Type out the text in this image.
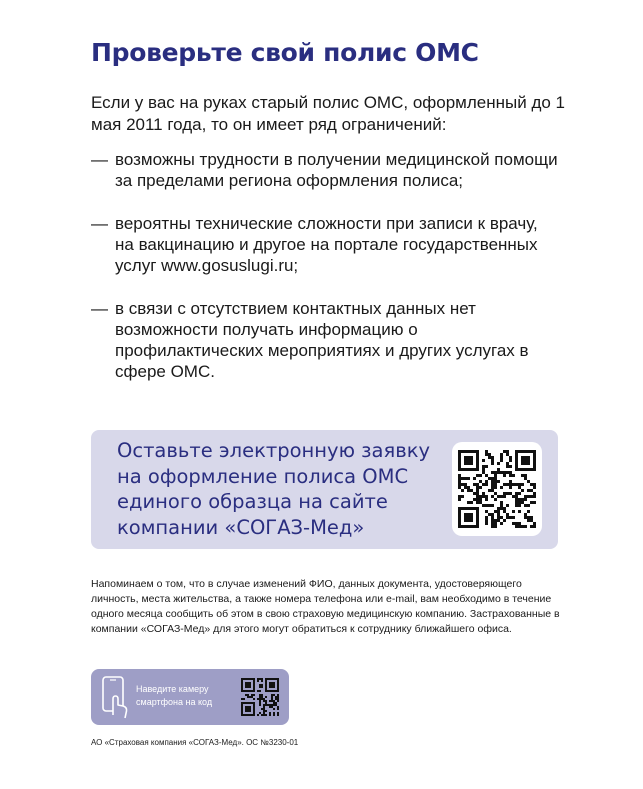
Проверьте свой полис ОМС
Если у вас на руках старый полис ОМС, оформленный до 1 мая 2011 года, то он имеет ряд ограничений:
— возможны трудности в получении медицинской помощи за пределами региона оформления полиса;
— вероятны технические сложности при записи к врачу, на вакцинацию и другое на портале государственных услуг www.gosuslugi.ru;
— в связи с отсутствием контактных данных нет возможности получать информацию о профилактических мероприятиях и других услугах в сфере ОМС.
Оставьте электронную заявку на оформление полиса ОМС единого образца на сайте компании «СОГАЗ-Мед»
Напоминаем о том, что в случае изменений ФИО, данных документа, удостоверяющего личность, места жительства, а также номера телефона или e-mail, вам необходимо в течение одного месяца сообщить об этом в свою страховую медицинскую компанию. Застрахованные в компании «СОГАЗ-Мед» для этого могут обратиться к сотруднику ближайшего офиса.
Наведите камеру смартфона на код
АО «Страховая компания «СОГАЗ-Мед». ОС №3230-01
